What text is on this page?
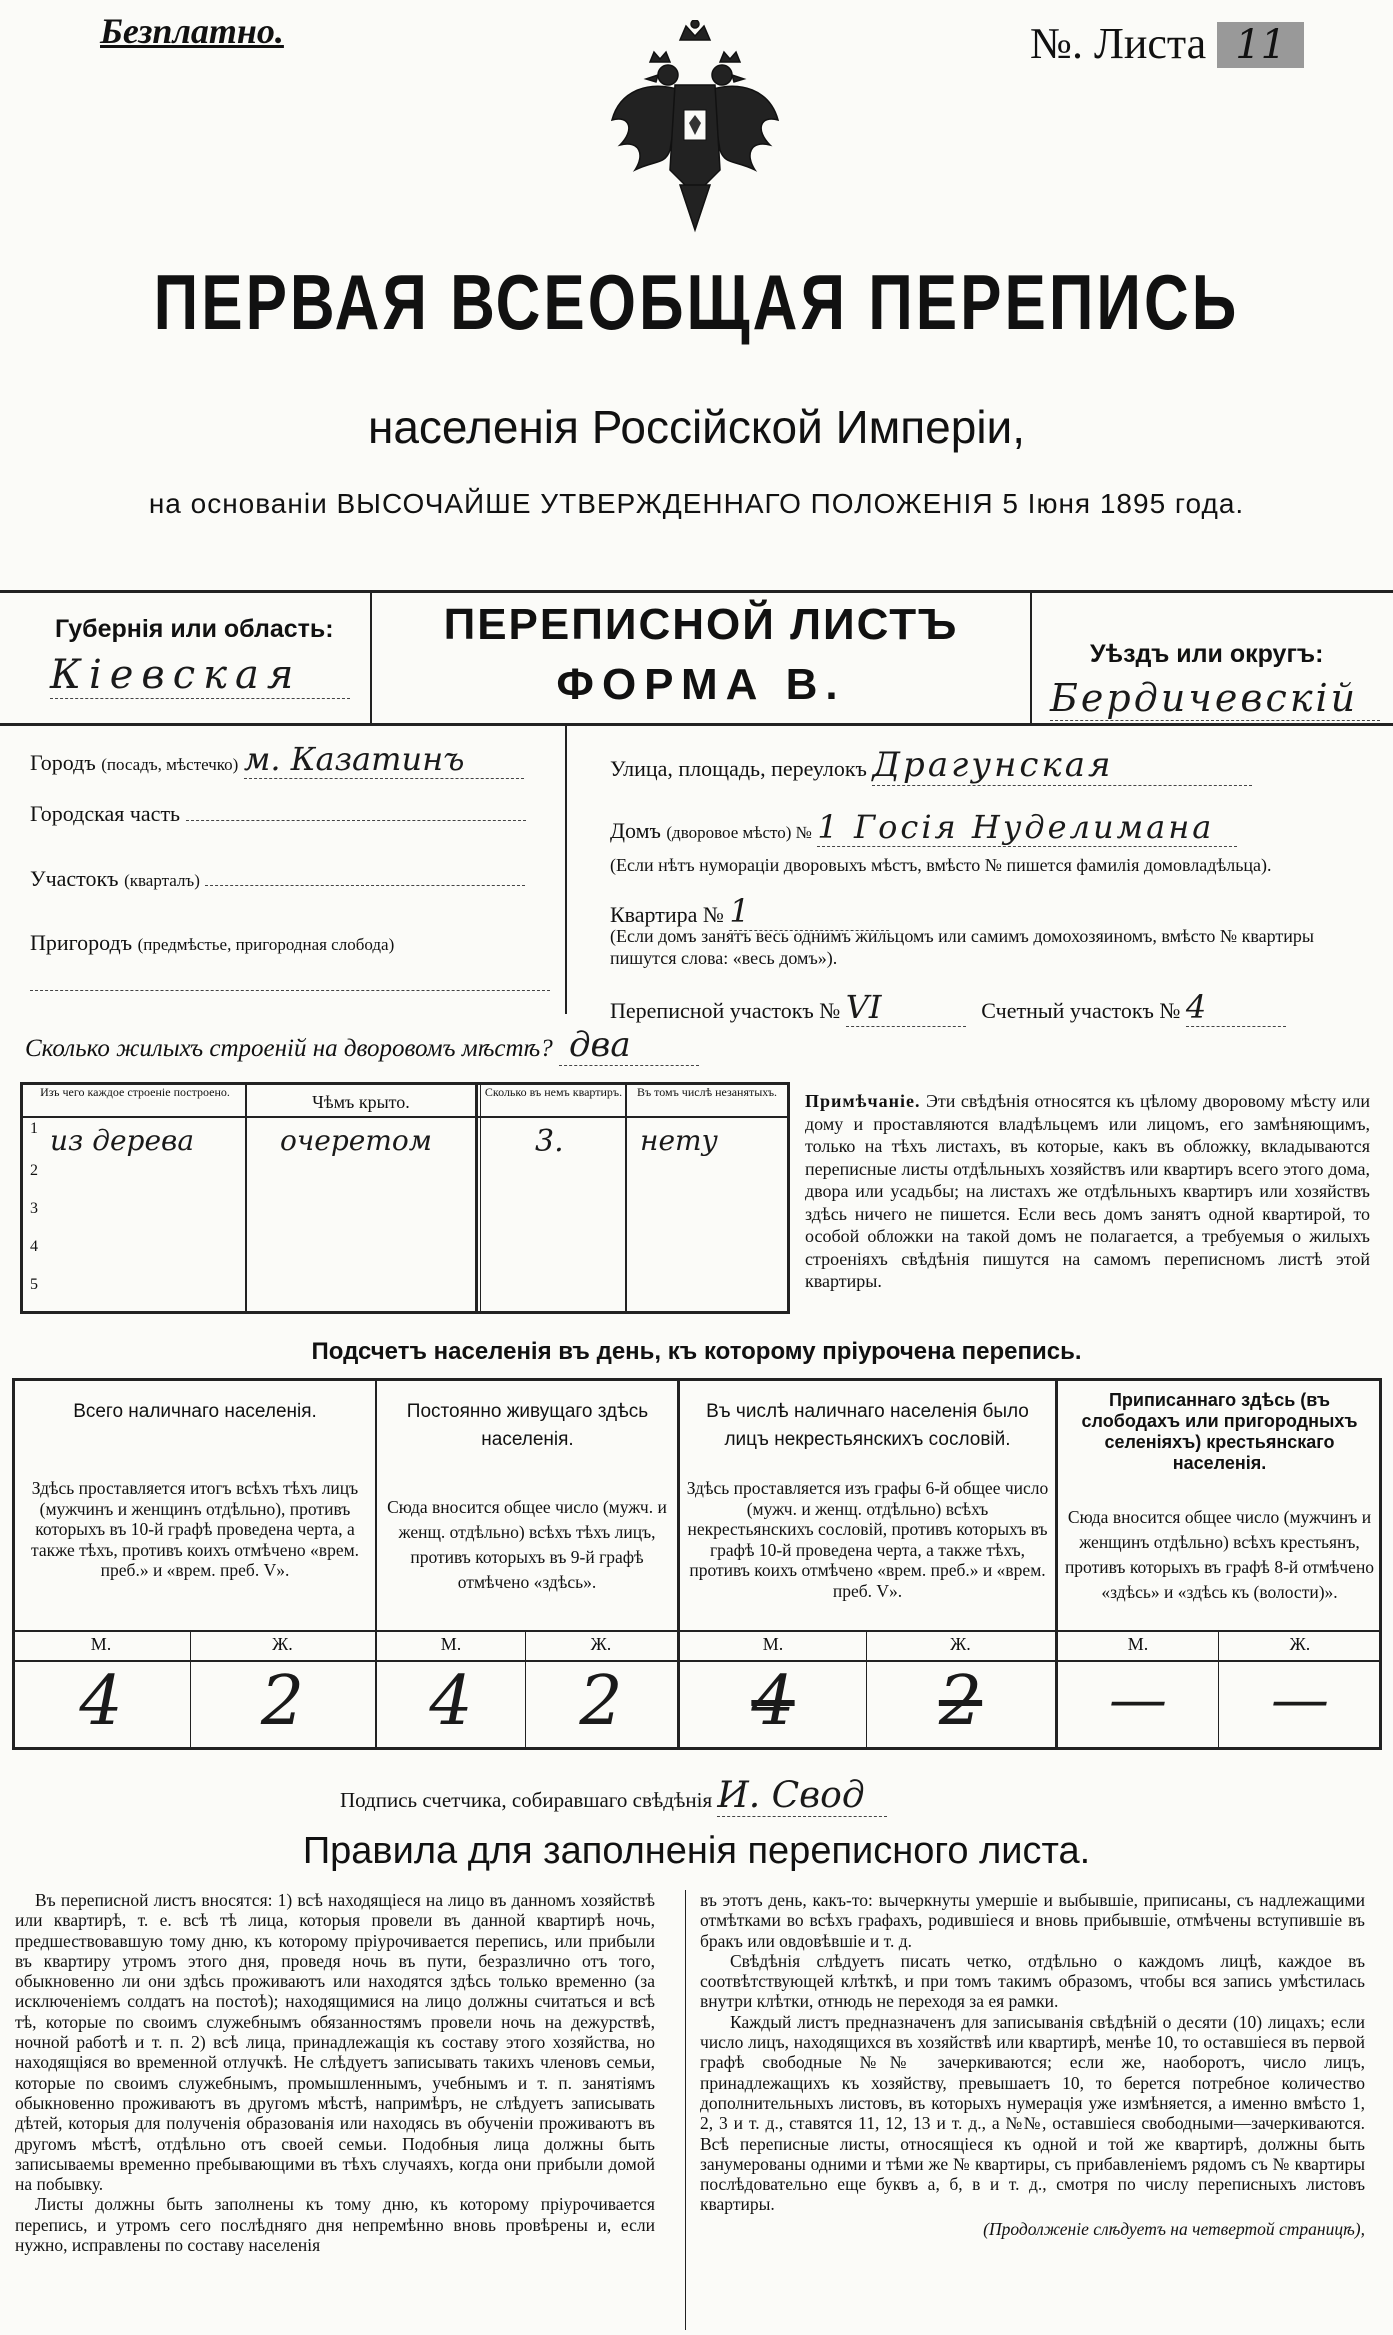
Безплатно.	№. Листа 11
ПЕРВАЯ ВСЕОБЩАЯ ПЕРЕПИСЬ
населенія Россійской Имперіи,
на основаніи ВЫСОЧАЙШЕ УТВЕРЖДЕННАГО ПОЛОЖЕНІЯ 5 Іюня 1895 года.
Губернія или область:
Кіевская
ПЕРЕПИСНОЙ ЛИСТЪ
ФОРМА В.
Уѣздъ или округъ:
Бердичевскій
Городъ (посадъ, мѣстечко) м. Казатинъ
Городская часть
Участокъ (кварталъ)
Пригородъ (предмѣстье, пригородная слобода)
Улица, площадь, переулокъ Драгунская
Домъ (дворовое мѣсто) № 1 Госія Нуделимана
(Если нѣтъ нумораціи дворовыхъ мѣстъ, вмѣсто № пишется фамилія домовладѣльца).
Квартира № 1
(Если домъ занятъ весь однимъ жильцомъ или самимъ домохозяиномъ, вмѣсто № квартиры пишутся слова: «весь домъ»).
Переписной участокъ № VI	Счетный участокъ № 4
Сколько жилыхъ строеній на дворовомъ мѣстѣ? два
Изъ чего каждое строеніе построено.	Чѣмъ крыто.	Сколько въ немъ квартиръ.	Въ томъ числѣ незанятыхъ.
1 из дерева	очеретом	3.	нету
2
3
4
5
Примѣчаніе. Эти свѣдѣнія относятся къ цѣлому дворовому мѣсту или дому и проставляются владѣльцемъ или лицомъ, его замѣняющимъ, только на тѣхъ листахъ, въ которые, какъ въ обложку, вкладываются переписные листы отдѣльныхъ хозяйствъ или квартиръ всего этого дома, двора или усадьбы; на листахъ же отдѣльныхъ квартиръ или хозяйствъ здѣсь ничего не пишется. Если весь домъ занятъ одной квартирой, то особой обложки на такой домъ не полагается, а требуемыя о жилыхъ строеніяхъ свѣдѣнія пишутся на самомъ переписномъ листѣ этой квартиры.
Подсчетъ населенія въ день, къ которому пріурочена перепись.
Всего наличнаго населенія.
Здѣсь проставляется итогъ всѣхъ тѣхъ лицъ (мужчинъ и женщинъ отдѣльно), противъ которыхъ въ 10-й графѣ проведена черта, а также тѣхъ, противъ коихъ отмѣчено «врем. преб.» и «врем. преб. V».
Постоянно живущаго здѣсь населенія.
Сюда вносится общее число (мужч. и женщ. отдѣльно) всѣхъ тѣхъ лицъ, противъ которыхъ въ 9-й графѣ отмѣчено «здѣсь».
Въ числѣ наличнаго населенія было лицъ некрестьянскихъ сословій.
Здѣсь проставляется изъ графы 6-й общее число (мужч. и женщ. отдѣльно) всѣхъ некрестьянскихъ сословій, противъ которыхъ въ графѣ 10-й проведена черта, а также тѣхъ, противъ коихъ отмѣчено «врем. преб.» и «врем. преб. V».
Приписаннаго здѣсь (въ слободахъ или пригородныхъ селеніяхъ) крестьянскаго населенія.
Сюда вносится общее число (мужчинъ и женщинъ отдѣльно) всѣхъ крестьянъ, противъ которыхъ въ графѣ 8-й отмѣчено «здѣсь» и «здѣсь къ (волости)».
М.	Ж.	М.	Ж.	М.	Ж.	М.	Ж.
4	2	4	2	4	2	—	—
Подпись счетчика, собиравшаго свѣдѣнія И. Свод
Правила для заполненія переписного листа.
Въ переписной листъ вносятся: 1) всѣ находящіеся на лицо въ данномъ хозяйствѣ или квартирѣ, т. е. всѣ тѣ лица, которыя провели въ данной квартирѣ ночь, предшествовавшую тому дню, къ которому пріурочивается перепись, или прибыли въ квартиру утромъ этого дня, проведя ночь въ пути, безразлично отъ того, обыкновенно ли они здѣсь проживаютъ или находятся здѣсь только временно (за исключеніемъ солдатъ на постоѣ); находящимися на лицо должны считаться и всѣ тѣ, которые по своимъ служебнымъ обязанностямъ провели ночь на дежурствѣ, ночной работѣ и т. п. 2) всѣ лица, принадлежащія къ составу этого хозяйства, но находящіяся во временной отлучкѣ. Не слѣдуетъ записывать такихъ членовъ семьи, которые по своимъ служебнымъ, промышленнымъ, учебнымъ и т. п. занятіямъ обыкновенно проживаютъ въ другомъ мѣстѣ, напримѣръ, не слѣдуетъ записывать дѣтей, которыя для полученія образованія или находясь въ обученіи проживаютъ въ другомъ мѣстѣ, отдѣльно отъ своей семьи. Подобныя лица должны быть записываемы временно пребывающими въ тѣхъ случаяхъ, когда они прибыли домой на побывку.
Листы должны быть заполнены къ тому дню, къ которому пріурочивается перепись, и утромъ сего послѣдняго дня непремѣнно вновь провѣрены и, если нужно, исправлены по составу населенія
въ этотъ день, какъ-то: вычеркнуты умершіе и выбывшіе, приписаны, съ надлежащими отмѣтками во всѣхъ графахъ, родившіеся и вновь прибывшіе, отмѣчены вступившіе въ бракъ или овдовѣвшіе и т. д.
Свѣдѣнія слѣдуетъ писать четко, отдѣльно о каждомъ лицѣ, каждое въ соотвѣтствующей клѣткѣ, и при томъ такимъ образомъ, чтобы вся запись умѣстилась внутри клѣтки, отнюдь не переходя за ея рамки.
Каждый листъ предназначенъ для записыванія свѣдѣній о десяти (10) лицахъ; если число лицъ, находящихся въ хозяйствѣ или квартирѣ, менѣе 10, то оставшіеся въ первой графѣ свободные №№ зачеркиваются; если же, наоборотъ, число лицъ, принадлежащихъ къ хозяйству, превышаетъ 10, то берется потребное количество дополнительныхъ листовъ, въ которыхъ нумерація уже измѣняется, а именно вмѣсто 1, 2, 3 и т. д., ставятся 11, 12, 13 и т. д., а №№, оставшіеся свободными—зачеркиваются. Всѣ переписные листы, относящіеся къ одной и той же квартирѣ, должны быть занумерованы одними и тѣми же № квартиры, съ прибавленіемъ рядомъ съ № квартиры послѣдовательно еще буквъ а, б, в и т. д., смотря по числу переписныхъ листовъ квартиры.
(Продолженіе слѣдуетъ на четвертой страницѣ),
